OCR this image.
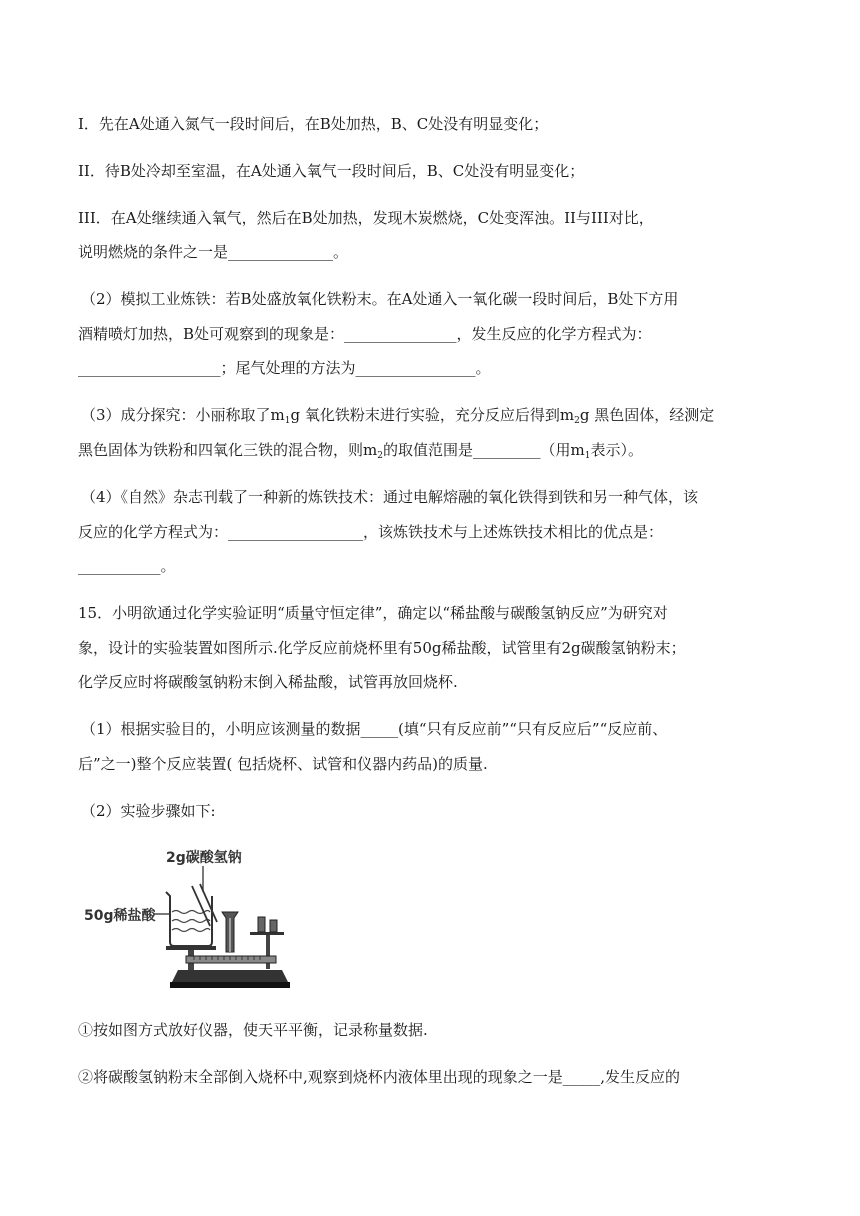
I．先在A处通入氮气一段时间后，在B处加热，B、C处没有明显变化；
II．待B处冷却至室温，在A处通入氧气一段时间后，B、C处没有明显变化；
III．在A处继续通入氧气，然后在B处加热，发现木炭燃烧，C处变浑浊。II与III对比，
说明燃烧的条件之一是______________。
（2）模拟工业炼铁：若B处盛放氧化铁粉末。在A处通入一氧化碳一段时间后，B处下方用
酒精喷灯加热，B处可观察到的现象是：_______________，发生反应的化学方程式为：
___________________；尾气处理的方法为________________。
（3）成分探究：小丽称取了$m_1g$ 氧化铁粉末进行实验，充分反应后得到$m_2g$ 黑色固体，经测定
黑色固体为铁粉和四氧化三铁的混合物，则$m_2$的取值范围是_________（用$m_1$表示）。
（4）《自然》杂志刊载了一种新的炼铁技术：通过电解熔融的氧化铁得到铁和另一种气体，该
反应的化学方程式为：__________________，该炼铁技术与上述炼铁技术相比的优点是：
___________。
15．小明欲通过化学实验证明“质量守恒定律”，确定以“稀盐酸与碳酸氢钠反应”为研究对
象，设计的实验装置如图所示.化学反应前烧杯里有50g稀盐酸，试管里有2g碳酸氢钠粉末；
化学反应时将碳酸氢钠粉末倒入稀盐酸，试管再放回烧杯.
（1）根据实验目的，小明应该测量的数据_____(填“只有反应前”“只有反应后”“反应前、
后”之一)整个反应装置( 包括烧杯、试管和仪器内药品)的质量.
（2）实验步骤如下:
2g碳酸氢钠
50g稀盐酸
①按如图方式放好仪器，使天平平衡，记录称量数据.
②将碳酸氢钠粉末全部倒入烧杯中,观察到烧杯内液体里出现的现象之一是_____,发生反应的
